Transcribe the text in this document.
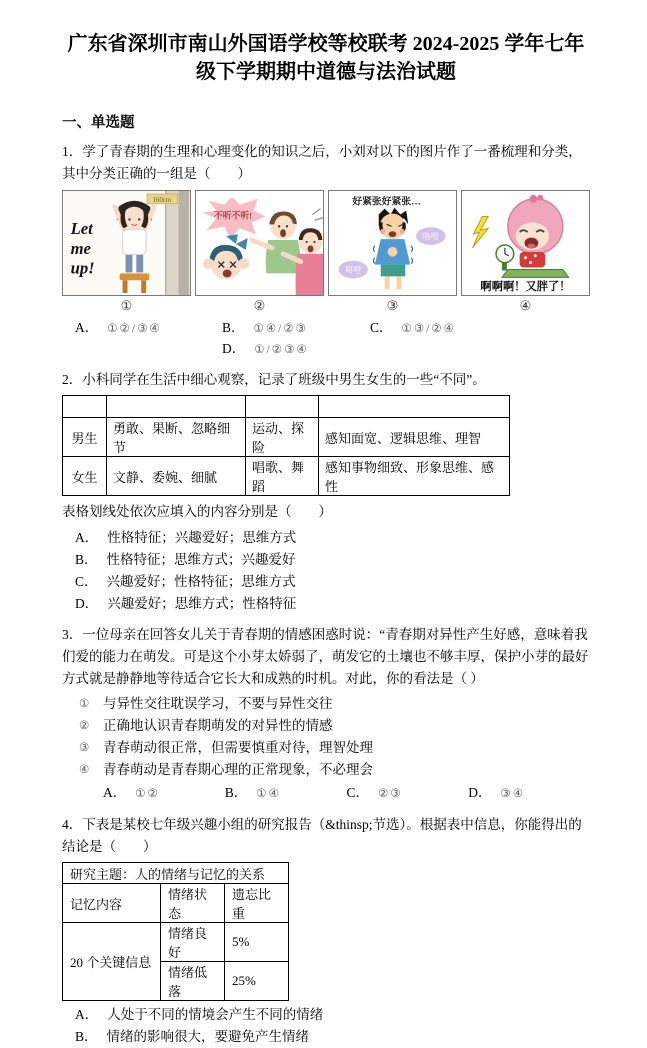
广东省深圳市南山外国语学校等校联考 2024-2025 学年七年级下学期期中道德与法治试题
一、单选题

1．学了青春期的生理和心理变化的知识之后，小刘对以下的图片作了一番梳理和分类，其中分类正确的一组是（　　）

160cm
Let
me
up!
不听不听!
好紧张好紧张…
咯噔
咯噔
啊啊啊！又胖了！
①	②	③	④
A． ①②/③④	B． ①④/②③	C． ①③/②④
D． ①/②③④

2．小科同学在生活中细心观察，记录了班级中男生女生的一些“不同”。

男生	勇敢、果断、忽略细节	运动、探险	感知面宽、逻辑思维、理智
女生	文静、委婉、细腻	唱歌、舞蹈	感知事物细致、形象思维、感性

表格划线处依次应填入的内容分别是（　　）

A． 性格特征；兴趣爱好；思维方式
B． 性格特征；思维方式；兴趣爱好
C． 兴趣爱好；性格特征；思维方式
D． 兴趣爱好；思维方式；性格特征

3．一位母亲在回答女儿关于青春期的情感困惑时说：“青春期对异性产生好感，意味着我们爱的能力在萌发。可是这个小芽太娇弱了，萌发它的土壤也不够丰厚，保护小芽的最好方式就是静静地等待适合它长大和成熟的时机。对此，你的看法是（ ）

①	与异性交往耽误学习，不要与异性交往
②	正确地认识青春期萌发的对异性的情感
③	青春萌动很正常，但需要慎重对待，理智处理
④	青春萌动是青春期心理的正常现象，不必理会
A． ①②	B． ①④	C． ②③	D． ③④

4．下表是某校七年级兴趣小组的研究报告（&thinsp;节选）。根据表中信息，你能得出的结论是（　　）

研究主题：人的情绪与记忆的关系		
记忆内容	情绪状态	遗忘比重
20 个关键信息	情绪良好	5%
	情绪低落	25%
A． 人处于不同的情境会产生不同的情绪
B． 情绪的影响很大，要避免产生情绪
